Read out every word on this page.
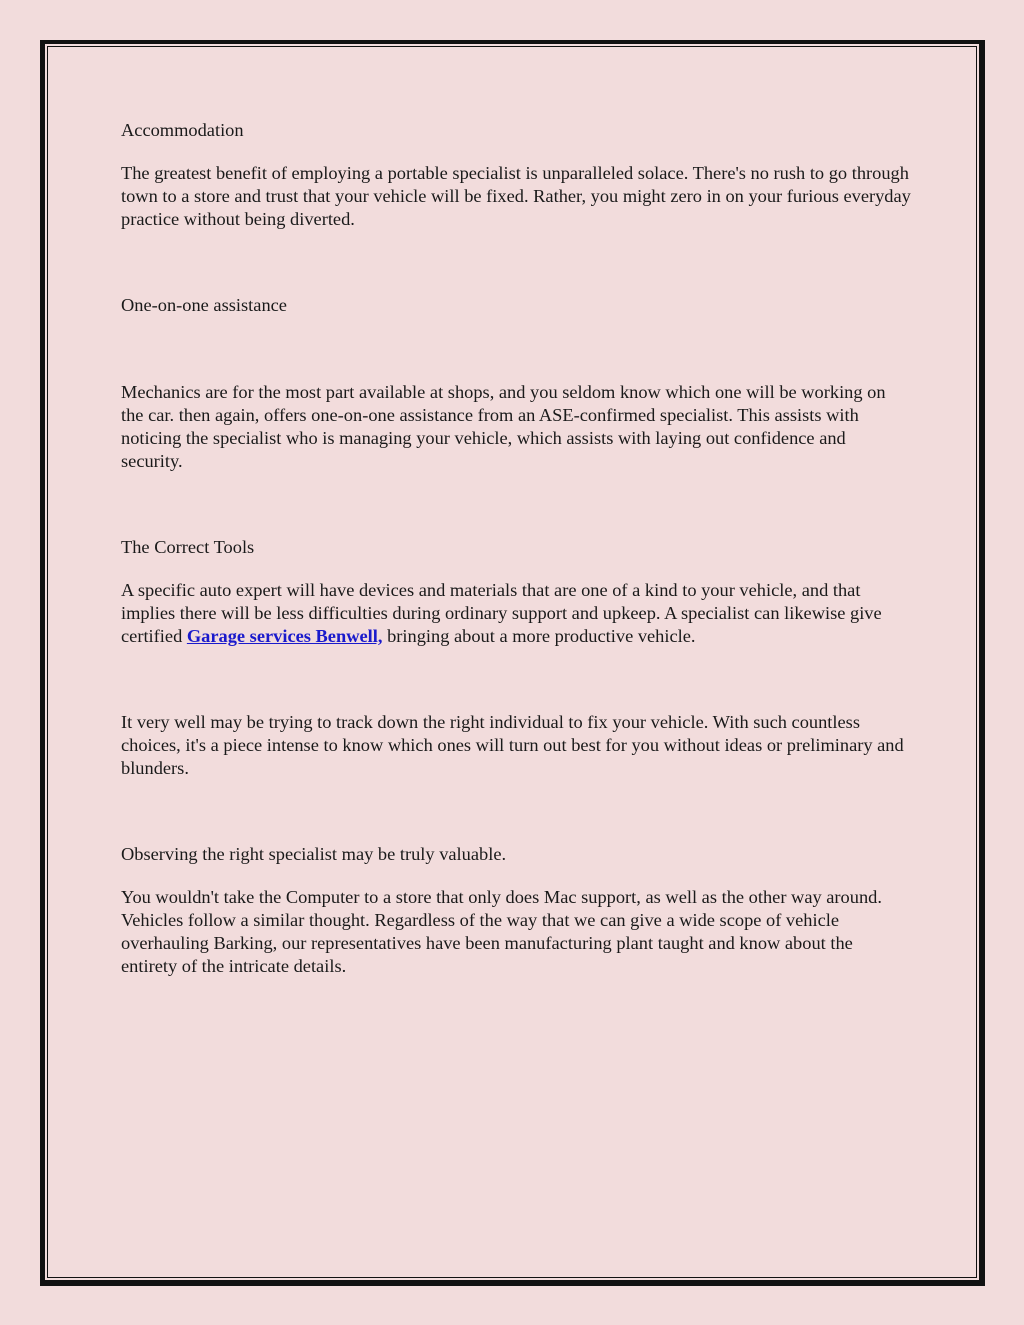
Accommodation

The greatest benefit of employing a portable specialist is unparalleled solace. There's no rush to go through town to a store and trust that your vehicle will be fixed. Rather, you might zero in on your furious everyday practice without being diverted.

One-on-one assistance

Mechanics are for the most part available at shops, and you seldom know which one will be working on the car. then again, offers one-on-one assistance from an ASE-confirmed specialist. This assists with noticing the specialist who is managing your vehicle, which assists with laying out confidence and security.

The Correct Tools

A specific auto expert will have devices and materials that are one of a kind to your vehicle, and that implies there will be less difficulties during ordinary support and upkeep. A specialist can likewise give certified Garage services Benwell, bringing about a more productive vehicle.

It very well may be trying to track down the right individual to fix your vehicle. With such countless choices, it's a piece intense to know which ones will turn out best for you without ideas or preliminary and blunders.

Observing the right specialist may be truly valuable.

You wouldn't take the Computer to a store that only does Mac support, as well as the other way around. Vehicles follow a similar thought. Regardless of the way that we can give a wide scope of vehicle overhauling Barking, our representatives have been manufacturing plant taught and know about the entirety of the intricate details.
